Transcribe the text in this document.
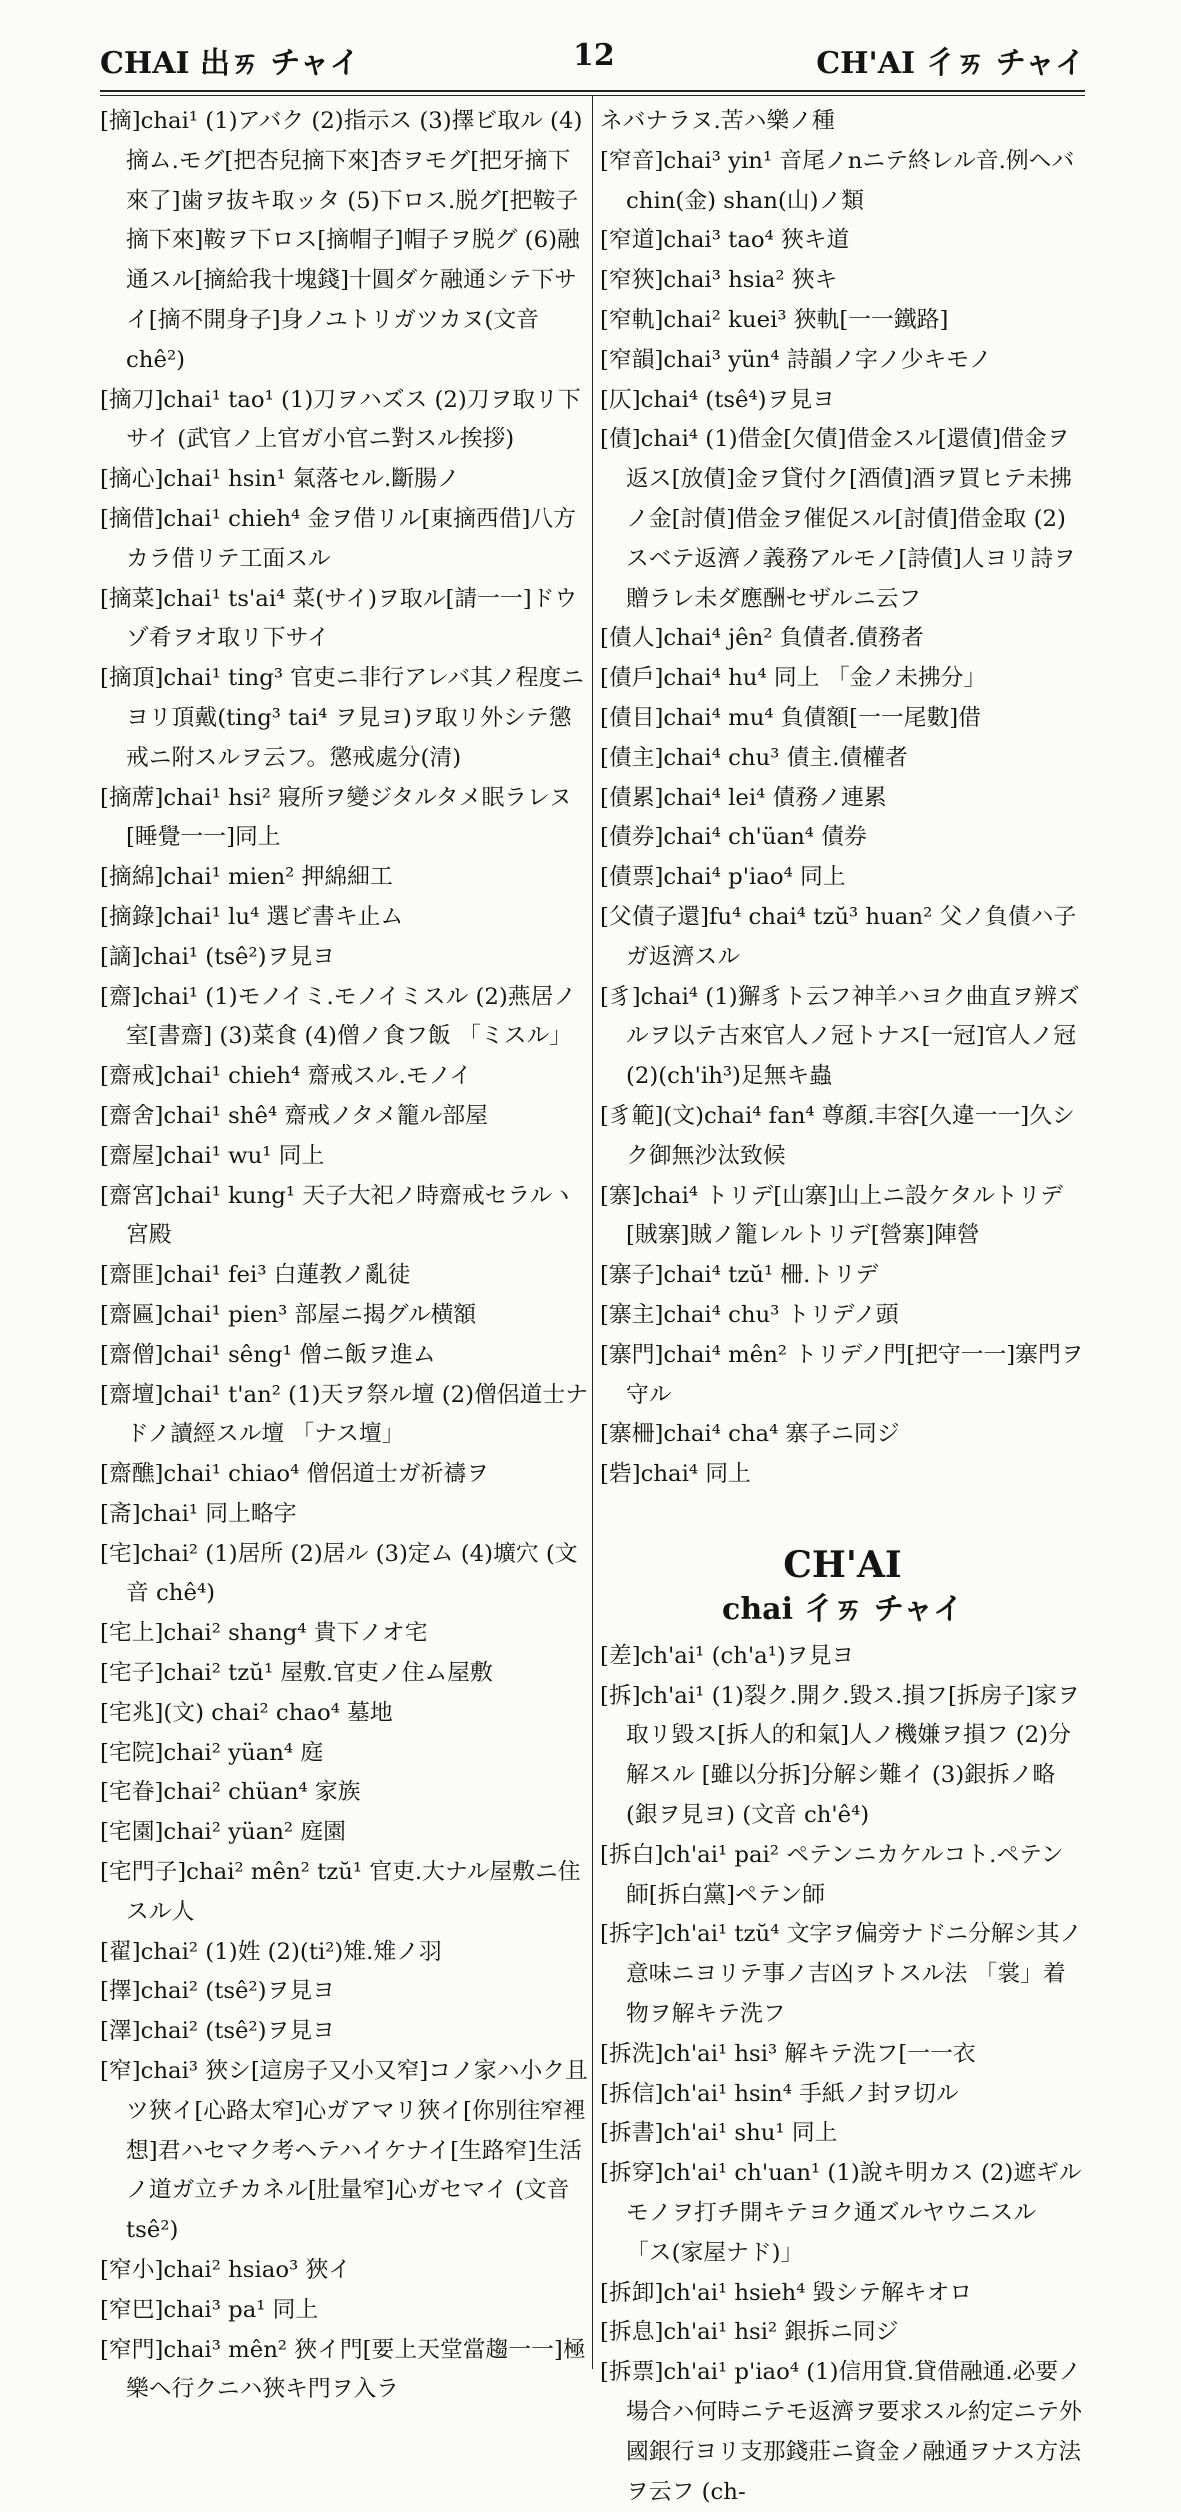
CHAI 出ㄞ チャイ	12	CH'AI 彳ㄞ チャイ

[摘]chai¹ (1)アバク (2)指示ス (3)擇ビ取ル (4)摘ム.モグ[把杏兒摘下來]杏ヲモグ[把牙摘下來了]歯ヲ抜キ取ッタ (5)下ロス.脱グ[把鞍子摘下來]鞍ヲ下ロス[摘帽子]帽子ヲ脱グ (6)融通スル[摘給我十塊錢]十圓ダケ融通シテ下サイ[摘不開身子]身ノユトリガツカヌ(文音 chê²)

[摘刀]chai¹ tao¹ (1)刀ヲハズス (2)刀ヲ取リ下サイ (武官ノ上官ガ小官ニ對スル挨拶)

[摘心]chai¹ hsin¹ 氣落セル.斷腸ノ

[摘借]chai¹ chieh⁴ 金ヲ借リル[東摘西借]八方カラ借リテ工面スル

[摘菜]chai¹ ts'ai⁴ 菜(サイ)ヲ取ル[請一一]ドウゾ肴ヲオ取リ下サイ

[摘頂]chai¹ ting³ 官吏ニ非行アレバ其ノ程度ニヨリ頂戴(ting³ tai⁴ ヲ見ヨ)ヲ取リ外シテ懲戒ニ附スルヲ云フ。懲戒處分(清)

[摘蓆]chai¹ hsi² 寢所ヲ變ジタルタメ眠ラレヌ[睡覺一一]同上

[摘綿]chai¹ mien² 押綿細工

[摘錄]chai¹ lu⁴ 選ビ書キ止ム

[謫]chai¹ (tsê²)ヲ見ヨ

[齋]chai¹ (1)モノイミ.モノイミスル (2)燕居ノ室[書齋] (3)菜食 (4)僧ノ食フ飯 「ミスル」

[齋戒]chai¹ chieh⁴ 齋戒スル.モノイ

[齋舍]chai¹ shê⁴ 齋戒ノタメ籠ル部屋

[齋屋]chai¹ wu¹ 同上

[齋宮]chai¹ kung¹ 天子大祀ノ時齋戒セラルヽ宮殿

[齋匪]chai¹ fei³ 白蓮教ノ亂徒

[齋匾]chai¹ pien³ 部屋ニ揭グル横額

[齋僧]chai¹ sêng¹ 僧ニ飯ヲ進ム

[齋壇]chai¹ t'an² (1)天ヲ祭ル壇 (2)僧侶道士ナドノ讀經スル壇 「ナス壇」

[齋醮]chai¹ chiao⁴ 僧侶道士ガ祈禱ヲ

[斋]chai¹ 同上略字

[宅]chai² (1)居所 (2)居ル (3)定ム (4)壙穴 (文音 chê⁴)

[宅上]chai² shang⁴ 貴下ノオ宅

[宅子]chai² tzŭ¹ 屋敷.官吏ノ住ム屋敷

[宅兆](文) chai² chao⁴ 墓地

[宅院]chai² yüan⁴ 庭

[宅眷]chai² chüan⁴ 家族

[宅園]chai² yüan² 庭園

[宅門子]chai² mên² tzŭ¹ 官吏.大ナル屋敷ニ住スル人

[翟]chai² (1)姓 (2)(ti²)雉.雉ノ羽

[擇]chai² (tsê²)ヲ見ヨ

[澤]chai² (tsê²)ヲ見ヨ

[窄]chai³ 狹シ[這房子又小又窄]コノ家ハ小ク且ツ狹イ[心路太窄]心ガアマリ狹イ[你別往窄裡想]君ハセマク考ヘテハイケナイ[生路窄]生活ノ道ガ立チカネル[肚量窄]心ガセマイ (文音 tsê²)

[窄小]chai² hsiao³ 狹イ

[窄巴]chai³ pa¹ 同上

[窄門]chai³ mên² 狹イ門[要上天堂當趨一一]極樂ヘ行クニハ狹キ門ヲ入ラ

ネバナラヌ.苦ハ樂ノ種

[窄音]chai³ yin¹ 音尾ノnニテ終レル音.例ヘバ chin(金) shan(山)ノ類

[窄道]chai³ tao⁴ 狹キ道

[窄狹]chai³ hsia² 狹キ

[窄軌]chai² kuei³ 狹軌[一一鐵路]

[窄韻]chai³ yün⁴ 詩韻ノ字ノ少キモノ

[仄]chai⁴ (tsê⁴)ヲ見ヨ

[債]chai⁴ (1)借金[欠債]借金スル[還債]借金ヲ返ス[放債]金ヲ貸付ク[酒債]酒ヲ買ヒテ未拂ノ金[討債]借金ヲ催促スル[討債]借金取 (2)スベテ返濟ノ義務アルモノ[詩債]人ヨリ詩ヲ贈ラレ未ダ應酬セザルニ云フ

[債人]chai⁴ jên² 負債者.債務者

[債戶]chai⁴ hu⁴ 同上 「金ノ未拂分」

[債目]chai⁴ mu⁴ 負債額[一一尾數]借

[債主]chai⁴ chu³ 債主.債權者

[債累]chai⁴ lei⁴ 債務ノ連累

[債券]chai⁴ ch'üan⁴ 債券

[債票]chai⁴ p'iao⁴ 同上

[父債子還]fu⁴ chai⁴ tzŭ³ huan² 父ノ負債ハ子ガ返濟スル

[豸]chai⁴ (1)獬豸ト云フ神羊ハヨク曲直ヲ辨ズルヲ以テ古來官人ノ冠トナス[一冠]官人ノ冠 (2)(ch'ih³)足無キ蟲

[豸範](文)chai⁴ fan⁴ 尊顏.丰容[久違一一]久シク御無沙汰致候

[寨]chai⁴ トリデ[山寨]山上ニ設ケタルトリデ[賊寨]賊ノ籠レルトリデ[營寨]陣營

[寨子]chai⁴ tzŭ¹ 柵.トリデ

[寨主]chai⁴ chu³ トリデノ頭

[寨門]chai⁴ mên² トリデノ門[把守一一]寨門ヲ守ル

[寨柵]chai⁴ cha⁴ 寨子ニ同ジ

[砦]chai⁴ 同上

CH'AI
chai 彳ㄞ チャイ

[差]ch'ai¹ (ch'a¹)ヲ見ヨ

[拆]ch'ai¹ (1)裂ク.開ク.毀ス.損フ[拆房子]家ヲ取リ毀ス[拆人的和氣]人ノ機嫌ヲ損フ (2)分解スル [雖以分拆]分解シ難イ (3)銀拆ノ略(銀ヲ見ヨ) (文音 ch'ê⁴)

[拆白]ch'ai¹ pai² ペテンニカケルコト.ペテン師[拆白黨]ペテン師

[拆字]ch'ai¹ tzŭ⁴ 文字ヲ偏旁ナドニ分解シ其ノ意味ニヨリテ事ノ吉凶ヲトスル法 「裳」着物ヲ解キテ洗フ

[拆洗]ch'ai¹ hsi³ 解キテ洗フ[一一衣

[拆信]ch'ai¹ hsin⁴ 手紙ノ封ヲ切ル

[拆書]ch'ai¹ shu¹ 同上

[拆穿]ch'ai¹ ch'uan¹ (1)說キ明カス (2)遮ギルモノヲ打チ開キテヨク通ズルヤウニスル 「ス(家屋ナド)」

[拆卸]ch'ai¹ hsieh⁴ 毀シテ解キオロ

[拆息]ch'ai¹ hsi² 銀拆ニ同ジ

[拆票]ch'ai¹ p'iao⁴ (1)信用貸.貸借融通.必要ノ場合ハ何時ニテモ返濟ヲ要求スル約定ニテ外國銀行ヨリ支那錢莊ニ資金ノ融通ヲナス方法ヲ云フ (ch-
